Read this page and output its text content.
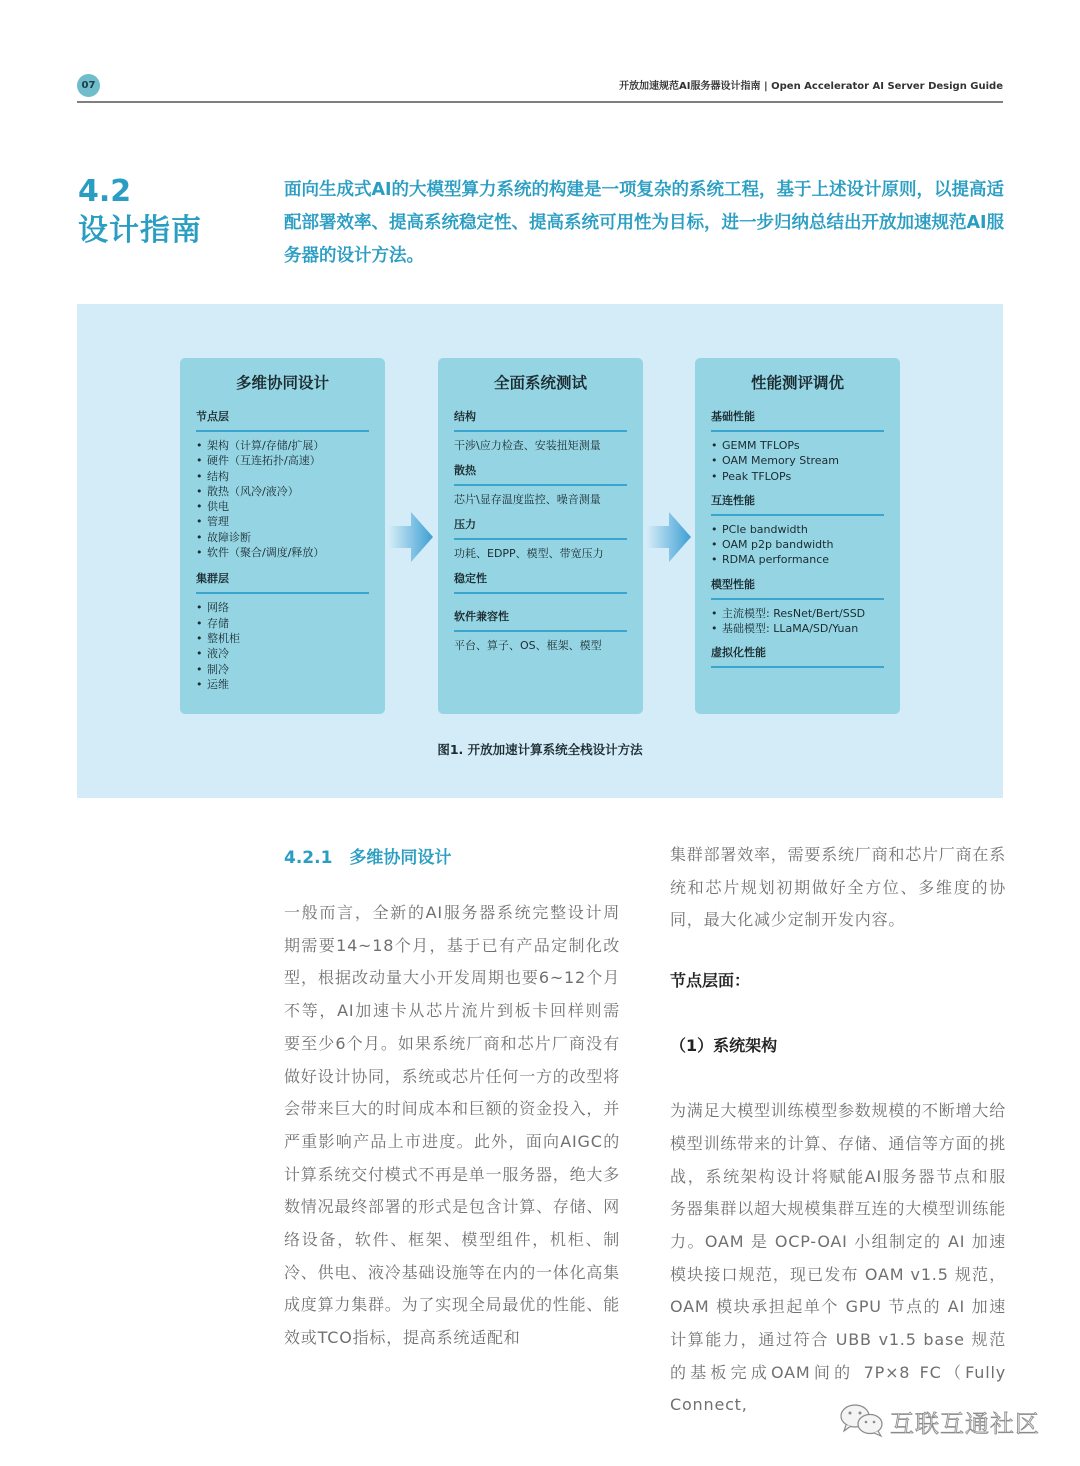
07	开放加速规范AI服务器设计指南 | Open Accelerator AI Server Design Guide
4.2
设计指南
面向生成式AI的大模型算力系统的构建是一项复杂的系统工程，基于上述设计原则，以提高适配部署效率、提高系统稳定性、提高系统可用性为目标，进一步归纳总结出开放加速规范AI服务器的设计方法。
多维协同设计
节点层
• 架构（计算/存储/扩展）
• 硬件（互连拓扑/高速）
• 结构
• 散热（风冷/液冷）
• 供电
• 管理
• 故障诊断
• 软件（聚合/调度/释放）
集群层
• 网络
• 存储
• 整机柜
• 液冷
• 制冷
• 运维
全面系统测试
结构
干涉\应力检查、安装扭矩测量
散热
芯片\显存温度监控、噪音测量
压力
功耗、EDPP、模型、带宽压力
稳定性
软件兼容性
平台、算子、OS、框架、模型
性能测评调优
基础性能
• GEMM TFLOPs
• OAM Memory Stream
• Peak TFLOPs
互连性能
• PCIe bandwidth
• OAM p2p bandwidth
• RDMA performance
模型性能
• 主流模型: ResNet/Bert/SSD
• 基础模型: LLaMA/SD/Yuan
虚拟化性能
图1. 开放加速计算系统全栈设计方法
4.2.1　多维协同设计
一般而言，全新的AI服务器系统完整设计周期需要14~18个月，基于已有产品定制化改型，根据改动量大小开发周期也要6~12个月不等，AI加速卡从芯片流片到板卡回样则需要至少6个月。如果系统厂商和芯片厂商没有做好设计协同，系统或芯片任何一方的改型将会带来巨大的时间成本和巨额的资金投入，并严重影响产品上市进度。此外，面向AIGC的计算系统交付模式不再是单一服务器，绝大多数情况最终部署的形式是包含计算、存储、网络设备，软件、框架、模型组件，机柜、制冷、供电、液冷基础设施等在内的一体化高集成度算力集群。为了实现全局最优的性能、能效或TCO指标，提高系统适配和
集群部署效率，需要系统厂商和芯片厂商在系统和芯片规划初期做好全方位、多维度的协同，最大化减少定制开发内容。
节点层面：
（1）系统架构
为满足大模型训练模型参数规模的不断增大给模型训练带来的计算、存储、通信等方面的挑战，系统架构设计将赋能AI服务器节点和服务器集群以超大规模集群互连的大模型训练能力。OAM 是 OCP-OAI 小组制定的 AI 加速模块接口规范，现已发布 OAM v1.5 规范，OAM 模块承担起单个 GPU 节点的 AI 加速计算能力，通过符合 UBB v1.5 base 规范的基板完成OAM间的 7P×8 FC（Fully Connect,
互联互通社区
